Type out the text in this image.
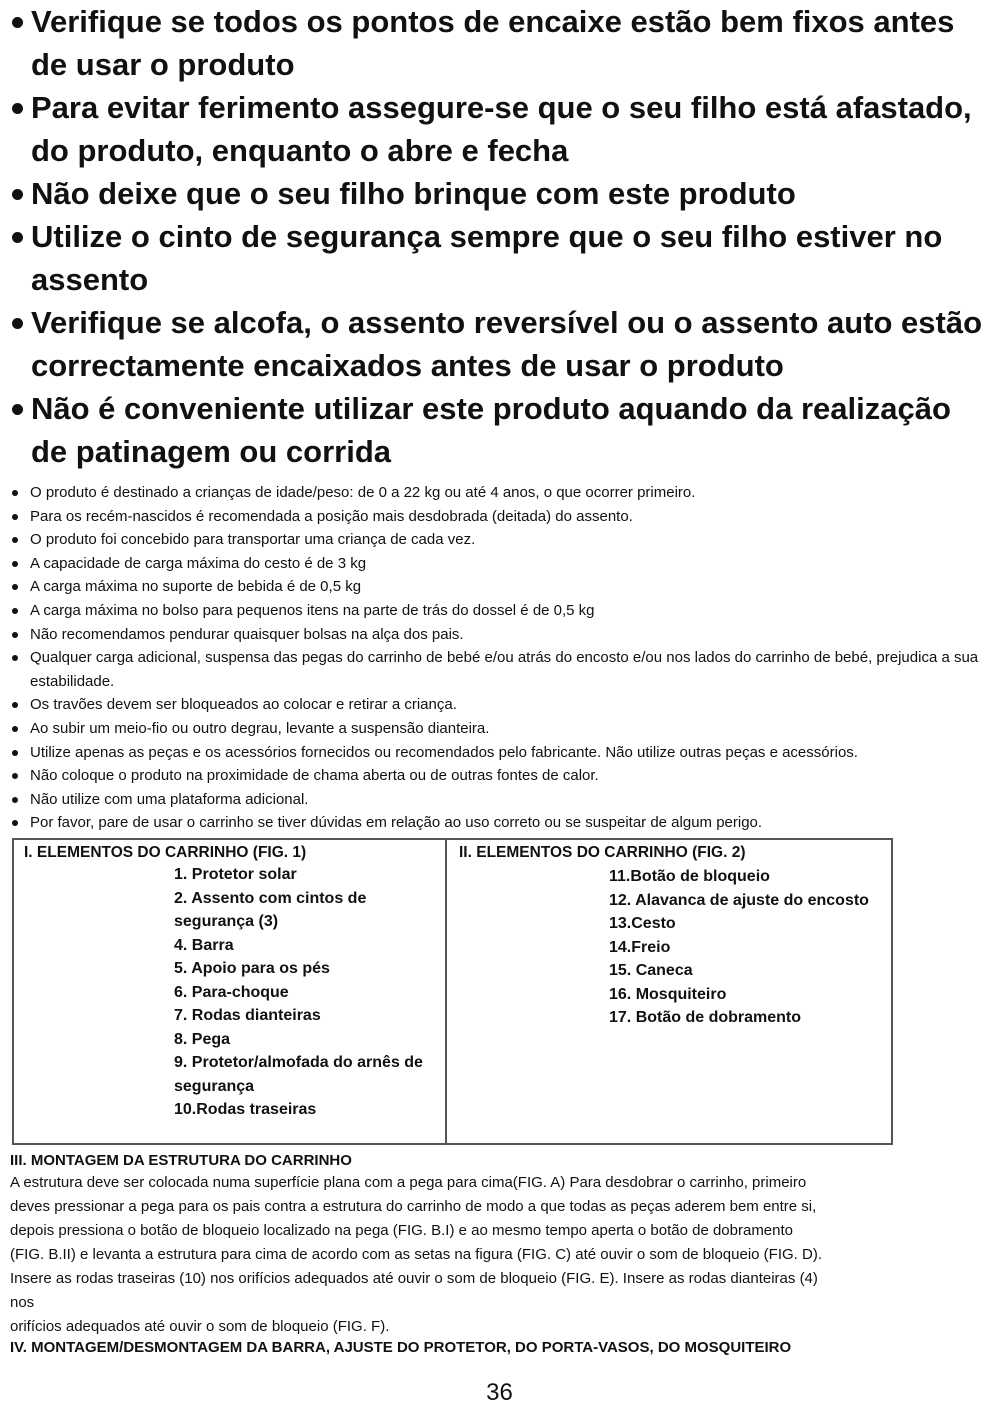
Verifique se todos os pontos de encaixe estão bem fixos antes de usar o produto
Para evitar ferimento assegure-se que o seu filho está afastado, do produto, enquanto o abre e fecha
Não deixe que o seu filho brinque com este produto
Utilize o cinto de segurança sempre que o seu filho estiver no assento
Verifique se alcofa, o assento reversível ou o assento auto estão correctamente encaixados antes de usar o produto
Não é conveniente utilizar este produto aquando da realização de patinagem ou corrida
O produto é destinado a crianças de idade/peso: de 0 a 22 kg ou até 4 anos, o que ocorrer primeiro.
Para os recém-nascidos é recomendada a posição mais desdobrada (deitada) do assento.
O produto foi concebido para transportar uma criança de cada vez.
A capacidade de carga máxima do cesto é de 3 kg
A carga máxima no suporte de bebida é de 0,5 kg
A carga máxima no bolso para pequenos itens na parte de trás do dossel é de 0,5 kg
Não recomendamos pendurar quaisquer bolsas na alça dos pais.
Qualquer carga adicional, suspensa das pegas do carrinho de bebé e/ou atrás do encosto e/ou nos lados do carrinho de bebé, prejudica a sua estabilidade.
Os travões devem ser bloqueados ao colocar e retirar a criança.
Ao subir um meio-fio ou outro degrau, levante a suspensão dianteira.
Utilize apenas as peças e os acessórios fornecidos ou recomendados pelo fabricante. Não utilize outras peças e acessórios.
Não coloque o produto na proximidade de chama aberta ou de outras fontes de calor.
Não utilize com uma plataforma adicional.
Por favor, pare de usar o carrinho se tiver dúvidas em relação ao uso correto ou se suspeitar de algum perigo.
I. ELEMENTOS DO CARRINHO (FIG. 1)
1. Protetor solar
2. Assento com cintos de segurança (3)
4. Barra
5. Apoio para os pés
6. Para-choque
7. Rodas dianteiras
8. Pega
9. Protetor/almofada do arnês de segurança
10.Rodas traseiras
II. ELEMENTOS DO CARRINHO (FIG. 2)
11.Botão de bloqueio
12. Alavanca de ajuste do encosto
13.Cesto
14.Freio
15. Caneca
16. Mosquiteiro
17. Botão de dobramento
III. MONTAGEM DA ESTRUTURA DO CARRINHO
A estrutura deve ser colocada numa superfície plana com a pega para cima(FIG. A) Para desdobrar o carrinho, primeiro
deves pressionar a pega para os pais contra a estrutura do carrinho de modo a que todas as peças aderem bem entre si,
depois pressiona o botão de bloqueio localizado na pega (FIG. B.I) e ao mesmo tempo aperta o botão de dobramento
(FIG. B.II) e levanta a estrutura para cima de acordo com as setas na figura (FIG. C) até ouvir o som de bloqueio (FIG. D).
Insere as rodas traseiras (10) nos orifícios adequados até ouvir o som de bloqueio (FIG. E). Insere as rodas dianteiras (4)
nos
orifícios adequados até ouvir o som de bloqueio (FIG. F).
IV. MONTAGEM/DESMONTAGEM DA BARRA, AJUSTE DO PROTETOR, DO PORTA-VASOS, DO MOSQUITEIRO
36
